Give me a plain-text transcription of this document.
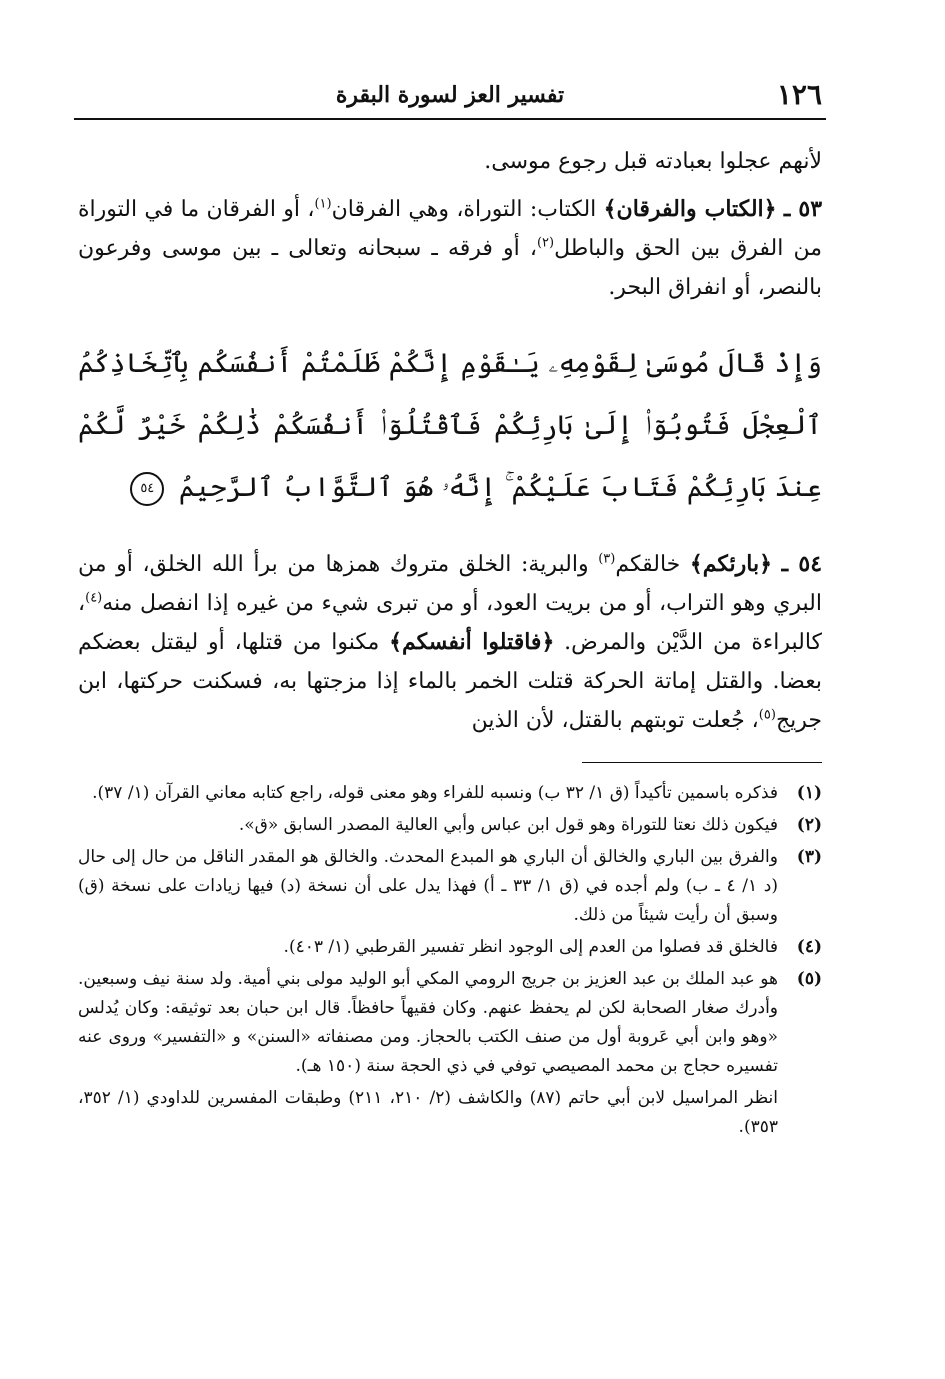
١٢٦
تفسير العز لسورة البقرة

لأنهم عجلوا بعبادته قبل رجوع موسى.

٥٣ ـ ﴿الكتاب والفرقان﴾ الكتاب: التوراة، وهي الفرقان$^{(١)}$، أو الفرقان ما في التوراة من الفرق بين الحق والباطل$^{(٢)}$، أو فرقه ـ سبحانه وتعالى ـ بين موسى وفرعون بالنصر، أو انفراق البحر.

وَإِذْ قَالَ مُوسَىٰ لِقَوْمِهِۦ يَـٰقَوْمِ إِنَّكُمْ ظَلَمْتُمْ أَنفُسَكُم بِٱتِّخَاذِكُمُ ٱلْعِجْلَ فَتُوبُوٓا۟ إِلَىٰ بَارِئِكُمْ فَٱقْتُلُوٓا۟ أَنفُسَكُمْ ذَٰلِكُمْ خَيْرٌ لَّكُمْ عِندَ بَارِئِكُمْ فَتَابَ عَلَيْكُمْ ۚ إِنَّهُۥ هُوَ ٱلتَّوَّابُ ٱلرَّحِيمُ ٥٤

٥٤ ـ ﴿بارئكم﴾ خالقكم$^{(٣)}$ والبرية: الخلق متروك همزها من برأ الله الخلق، أو من البري وهو التراب، أو من بريت العود، أو من تبرى شيء من غيره إذا انفصل منه$^{(٤)}$، كالبراءة من الدَّيْن والمرض. ﴿فاقتلوا أنفسكم﴾ مكنوا من قتلها، أو ليقتل بعضكم بعضا. والقتل إماتة الحركة قتلت الخمر بالماء إذا مزجتها به، فسكنت حركتها، ابن جريج$^{(٥)}$، جُعلت توبتهم بالقتل، لأن الذين

(١)
فذكره باسمين تأكيداً (ق ١/ ٣٢ ب) ونسبه للفراء وهو معنى قوله، راجع كتابه معاني القرآن (١/ ٣٧).
(٢)
فيكون ذلك نعتا للتوراة وهو قول ابن عباس وأبي العالية المصدر السابق «ق».
(٣)
والفرق بين الباري والخالق أن الباري هو المبدع المحدث. والخالق هو المقدر الناقل من حال إلى حال (د ١/ ٤ ـ ب) ولم أجده في (ق ١/ ٣٣ ـ أ) فهذا يدل على أن نسخة (د) فيها زيادات على نسخة (ق) وسبق أن رأيت شيئاً من ذلك.
(٤)
فالخلق قد فصلوا من العدم إلى الوجود انظر تفسير القرطبي (١/ ٤٠٣).
(٥)
هو عبد الملك بن عبد العزيز بن جريج الرومي المكي أبو الوليد مولى بني أمية. ولد سنة نيف وسبعين. وأدرك صغار الصحابة لكن لم يحفظ عنهم. وكان فقيهاً حافظاً. قال ابن حبان بعد توثيقه: وكان يُدلس «وهو وابن أبي عَروبة أول من صنف الكتب بالحجاز. ومن مصنفاته «السنن» و «التفسير» وروى عنه تفسيره حجاج بن محمد المصيصي توفي في ذي الحجة سنة (١٥٠ هـ).
انظر المراسيل لابن أبي حاتم (٨٧) والكاشف (٢/ ٢١٠، ٢١١) وطبقات المفسرين للداودي (١/ ٣٥٢، ٣٥٣).
